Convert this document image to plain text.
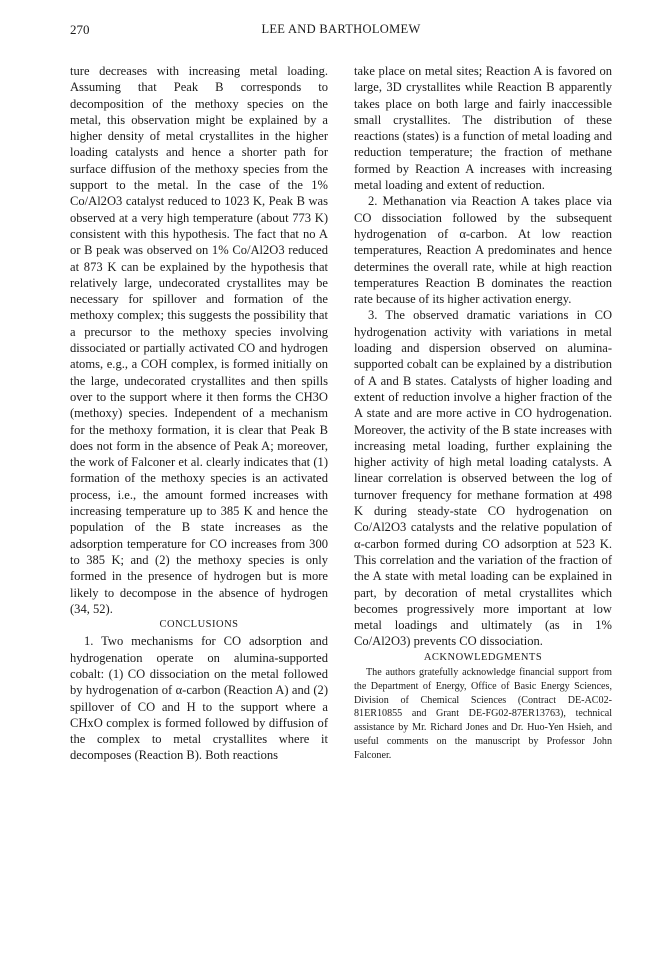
270	LEE AND BARTHOLOMEW

ture decreases with increasing metal loading. Assuming that Peak B corresponds to decomposition of the methoxy species on the metal, this observation might be explained by a higher density of metal crystallites in the higher loading catalysts and hence a shorter path for surface diffusion of the methoxy species from the support to the metal. In the case of the 1% Co/Al2O3 catalyst reduced to 1023 K, Peak B was observed at a very high temperature (about 773 K) consistent with this hypothesis. The fact that no A or B peak was observed on 1% Co/Al2O3 reduced at 873 K can be explained by the hypothesis that relatively large, undecorated crystallites may be necessary for spillover and formation of the methoxy complex; this suggests the possibility that a precursor to the methoxy species involving dissociated or partially activated CO and hydrogen atoms, e.g., a COH complex, is formed initially on the large, undecorated crystallites and then spills over to the support where it then forms the CH3O (methoxy) species. Independent of a mechanism for the methoxy formation, it is clear that Peak B does not form in the absence of Peak A; moreover, the work of Falconer et al. clearly indicates that (1) formation of the methoxy species is an activated process, i.e., the amount formed increases with increasing temperature up to 385 K and hence the population of the B state increases as the adsorption temperature for CO increases from 300 to 385 K; and (2) the methoxy species is only formed in the presence of hydrogen but is more likely to decompose in the absence of hydrogen (34, 52).

CONCLUSIONS

1. Two mechanisms for CO adsorption and hydrogenation operate on alumina-supported cobalt: (1) CO dissociation on the metal followed by hydrogenation of α-carbon (Reaction A) and (2) spillover of CO and H to the support where a CHxO complex is formed followed by diffusion of the complex to metal crystallites where it decomposes (Reaction B). Both reactions

take place on metal sites; Reaction A is favored on large, 3D crystallites while Reaction B apparently takes place on both large and fairly inaccessible small crystallites. The distribution of these reactions (states) is a function of metal loading and reduction temperature; the fraction of methane formed by Reaction A increases with increasing metal loading and extent of reduction.

2. Methanation via Reaction A takes place via CO dissociation followed by the subsequent hydrogenation of α-carbon. At low reaction temperatures, Reaction A predominates and hence determines the overall rate, while at high reaction temperatures Reaction B dominates the reaction rate because of its higher activation energy.

3. The observed dramatic variations in CO hydrogenation activity with variations in metal loading and dispersion observed on alumina-supported cobalt can be explained by a distribution of A and B states. Catalysts of higher loading and extent of reduction involve a higher fraction of the A state and are more active in CO hydrogenation. Moreover, the activity of the B state increases with increasing metal loading, further explaining the higher activity of high metal loading catalysts. A linear correlation is observed between the log of turnover frequency for methane formation at 498 K during steady-state CO hydrogenation on Co/Al2O3 catalysts and the relative population of α-carbon formed during CO adsorption at 523 K. This correlation and the variation of the fraction of the A state with metal loading can be explained in part, by decoration of metal crystallites which becomes progressively more important at low metal loadings and ultimately (as in 1% Co/Al2O3) prevents CO dissociation.

ACKNOWLEDGMENTS

The authors gratefully acknowledge financial support from the Department of Energy, Office of Basic Energy Sciences, Division of Chemical Sciences (Contract DE-AC02-81ER10855 and Grant DE-FG02-87ER13763), technical assistance by Mr. Richard Jones and Dr. Huo-Yen Hsieh, and useful comments on the manuscript by Professor John Falconer.
